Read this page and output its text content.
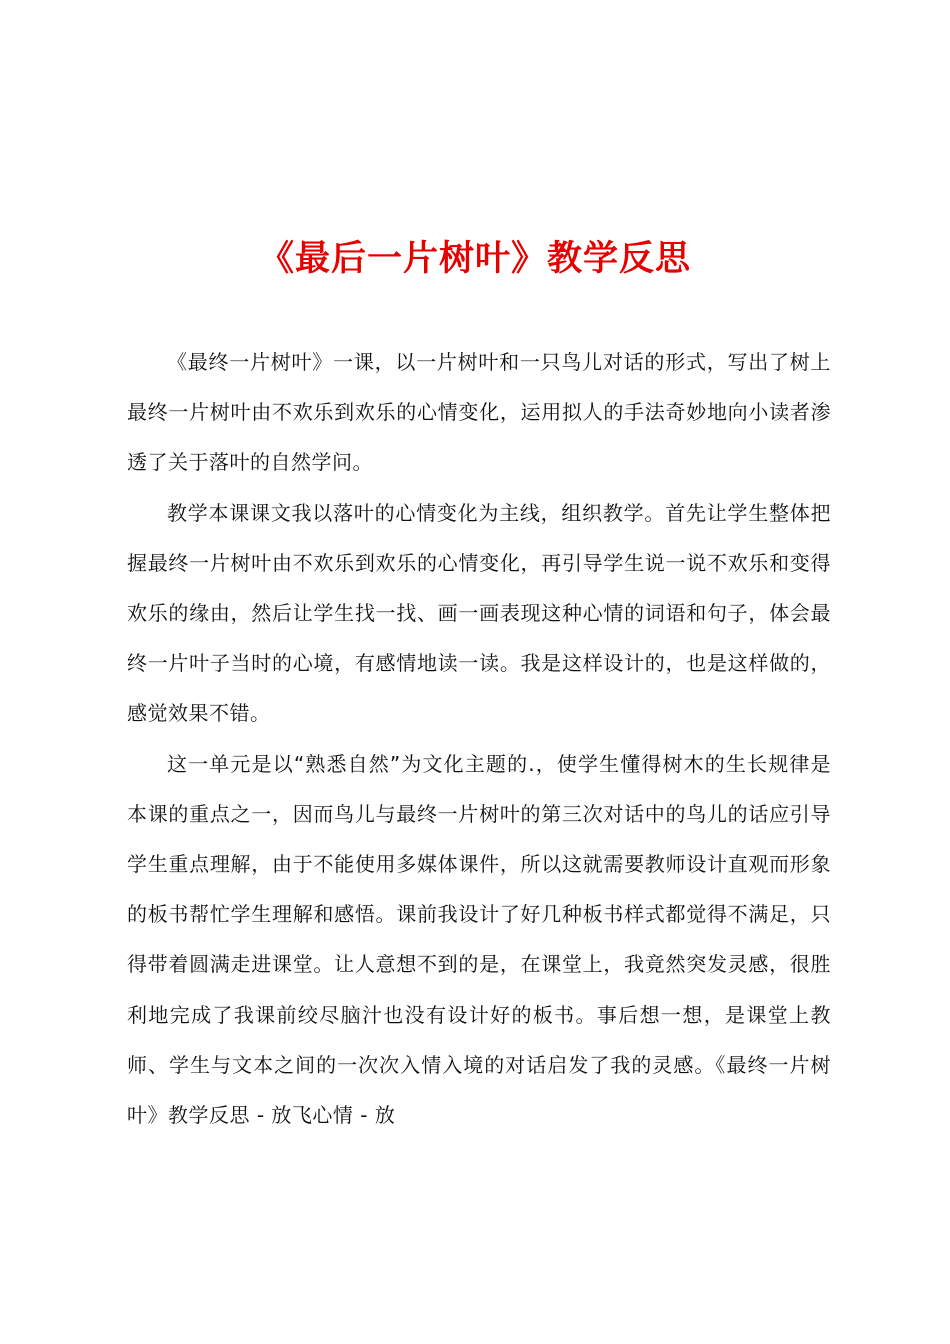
《最后一片树叶》教学反思

《最终一片树叶》一课，以一片树叶和一只鸟儿对话的形式，写出了树上最终一片树叶由不欢乐到欢乐的心情变化，运用拟人的手法奇妙地向小读者渗透了关于落叶的自然学问。

教学本课课文我以落叶的心情变化为主线，组织教学。首先让学生整体把握最终一片树叶由不欢乐到欢乐的心情变化，再引导学生说一说不欢乐和变得欢乐的缘由，然后让学生找一找、画一画表现这种心情的词语和句子，体会最终一片叶子当时的心境，有感情地读一读。我是这样设计的，也是这样做的，感觉效果不错。

这一单元是以“熟悉自然”为文化主题的.，使学生懂得树木的生长规律是本课的重点之一，因而鸟儿与最终一片树叶的第三次对话中的鸟儿的话应引导学生重点理解，由于不能使用多媒体课件，所以这就需要教师设计直观而形象的板书帮忙学生理解和感悟。课前我设计了好几种板书样式都觉得不满足，只得带着圆满走进课堂。让人意想不到的是，在课堂上，我竟然突发灵感，很胜利地完成了我课前绞尽脑汁也没有设计好的板书。事后想一想，是课堂上教师、学生与文本之间的一次次入情入境的对话启发了我的灵感。《最终一片树叶》教学反思 - 放飞心情 - 放
